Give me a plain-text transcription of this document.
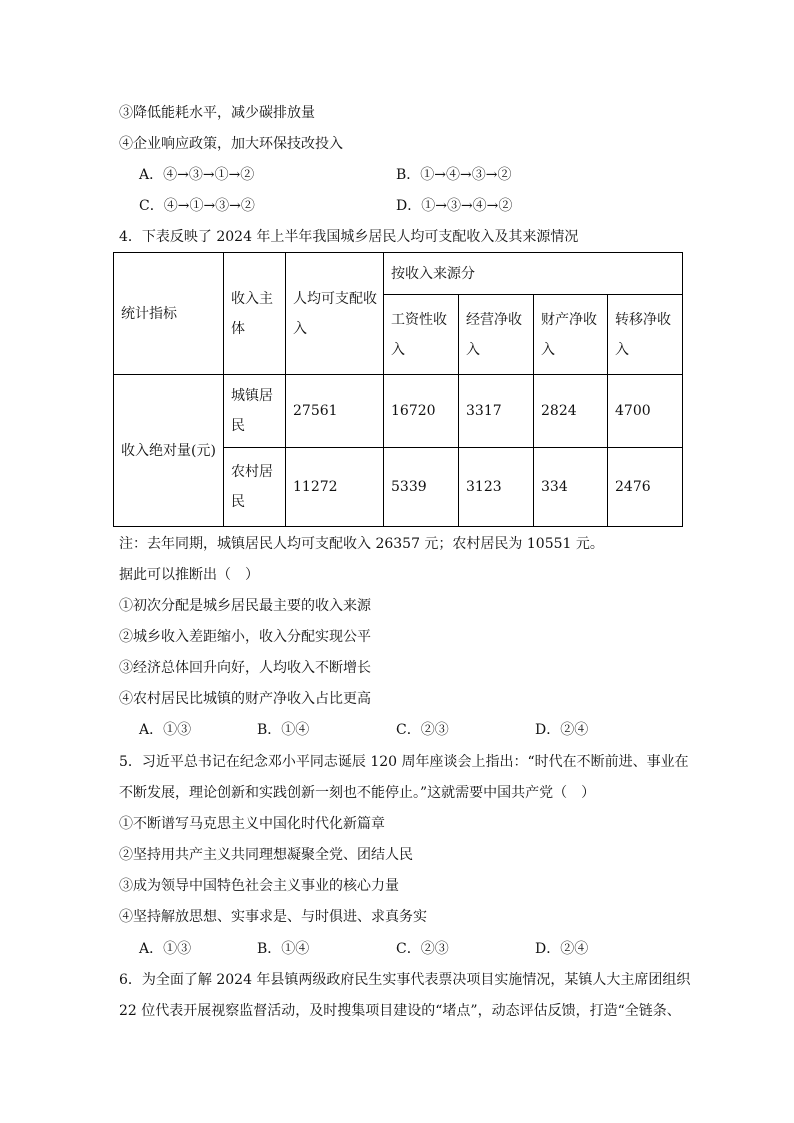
③降低能耗水平，减少碳排放量
④企业响应政策，加大环保技改投入
A．④→③→①→②	B．①→④→③→②
C．④→①→③→②	D．①→③→④→②
4．下表反映了 2024 年上半年我国城乡居民人均可支配收入及其来源情况
统计指标	收入主体	人均可支配收入	按收入来源分			
			工资性收入	经营净收入	财产净收入	转移净收入
收入绝对量(元)	城镇居民	27561	16720	3317	2824	4700
	农村居民	11272	5339	3123	334	2476
注：去年同期，城镇居民人均可支配收入 26357 元；农村居民为 10551 元。
据此可以推断出（　）
①初次分配是城乡居民最主要的收入来源
②城乡收入差距缩小，收入分配实现公平
③经济总体回升向好，人均收入不断增长
④农村居民比城镇的财产净收入占比更高
A．①③	B．①④	C．②③	D．②④
5．习近平总书记在纪念邓小平同志诞辰 120 周年座谈会上指出：“时代在不断前进、事业在
不断发展，理论创新和实践创新一刻也不能停止。”这就需要中国共产党（　）
①不断谱写马克思主义中国化时代化新篇章
②坚持用共产主义共同理想凝聚全党、团结人民
③成为领导中国特色社会主义事业的核心力量
④坚持解放思想、实事求是、与时俱进、求真务实
A．①③	B．①④	C．②③	D．②④
6．为全面了解 2024 年县镇两级政府民生实事代表票决项目实施情况，某镇人大主席团组织
22 位代表开展视察监督活动，及时搜集项目建设的“堵点”，动态评估反馈，打造“全链条、
